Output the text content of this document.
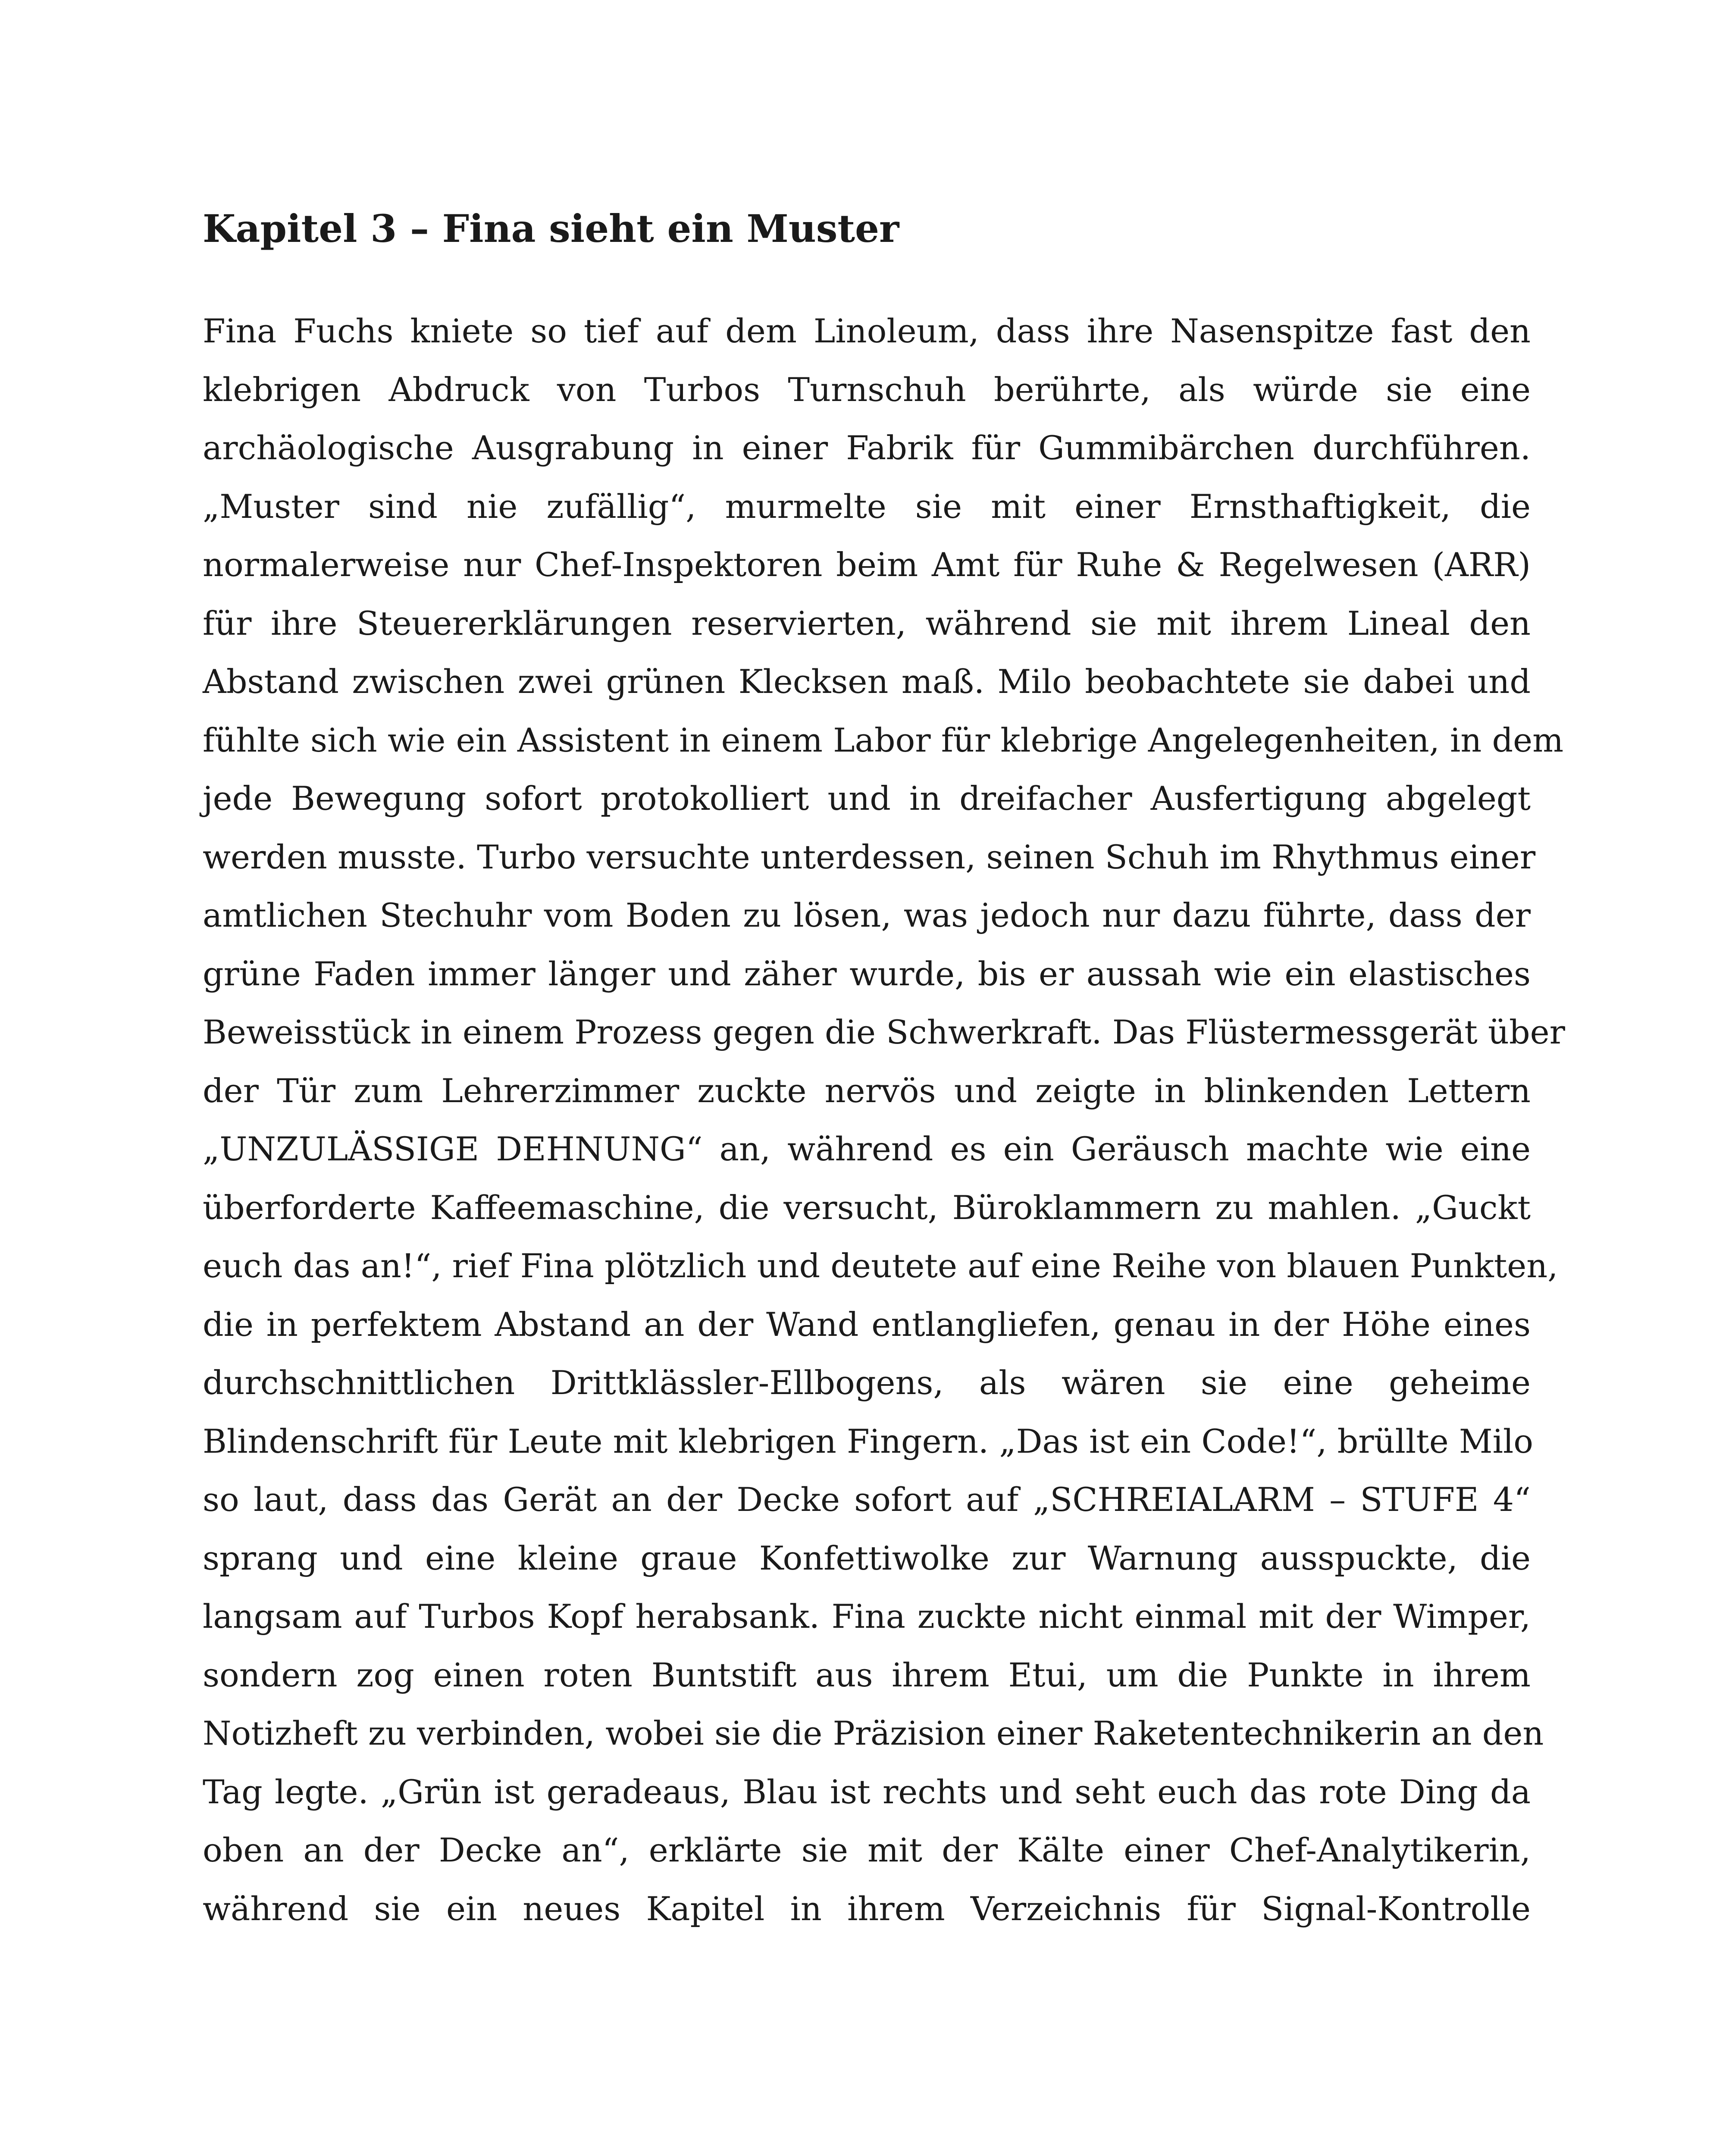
Kapitel 3 – Fina sieht ein Muster
Fina Fuchs kniete so tief auf dem Linoleum, dass ihre Nasenspitze fast den
klebrigen Abdruck von Turbos Turnschuh berührte, als würde sie eine
archäologische Ausgrabung in einer Fabrik für Gummibärchen durchführen.
„Muster sind nie zufällig“, murmelte sie mit einer Ernsthaftigkeit, die
normalerweise nur Chef-Inspektoren beim Amt für Ruhe & Regelwesen (ARR)
für ihre Steuererklärungen reservierten, während sie mit ihrem Lineal den
Abstand zwischen zwei grünen Klecksen maß. Milo beobachtete sie dabei und
fühlte sich wie ein Assistent in einem Labor für klebrige Angelegenheiten, in dem
jede Bewegung sofort protokolliert und in dreifacher Ausfertigung abgelegt
werden musste. Turbo versuchte unterdessen, seinen Schuh im Rhythmus einer
amtlichen Stechuhr vom Boden zu lösen, was jedoch nur dazu führte, dass der
grüne Faden immer länger und zäher wurde, bis er aussah wie ein elastisches
Beweisstück in einem Prozess gegen die Schwerkraft. Das Flüstermessgerät über
der Tür zum Lehrerzimmer zuckte nervös und zeigte in blinkenden Lettern
„UNZULÄSSIGE DEHNUNG“ an, während es ein Geräusch machte wie eine
überforderte Kaffeemaschine, die versucht, Büroklammern zu mahlen. „Guckt
euch das an!“, rief Fina plötzlich und deutete auf eine Reihe von blauen Punkten,
die in perfektem Abstand an der Wand entlangliefen, genau in der Höhe eines
durchschnittlichen Drittklässler-Ellbogens, als wären sie eine geheime
Blindenschrift für Leute mit klebrigen Fingern. „Das ist ein Code!“, brüllte Milo
so laut, dass das Gerät an der Decke sofort auf „SCHREIALARM – STUFE 4“
sprang und eine kleine graue Konfettiwolke zur Warnung ausspuckte, die
langsam auf Turbos Kopf herabsank. Fina zuckte nicht einmal mit der Wimper,
sondern zog einen roten Buntstift aus ihrem Etui, um die Punkte in ihrem
Notizheft zu verbinden, wobei sie die Präzision einer Raketentechnikerin an den
Tag legte. „Grün ist geradeaus, Blau ist rechts und seht euch das rote Ding da
oben an der Decke an“, erklärte sie mit der Kälte einer Chef-Analytikerin,
während sie ein neues Kapitel in ihrem Verzeichnis für Signal-Kontrolle
